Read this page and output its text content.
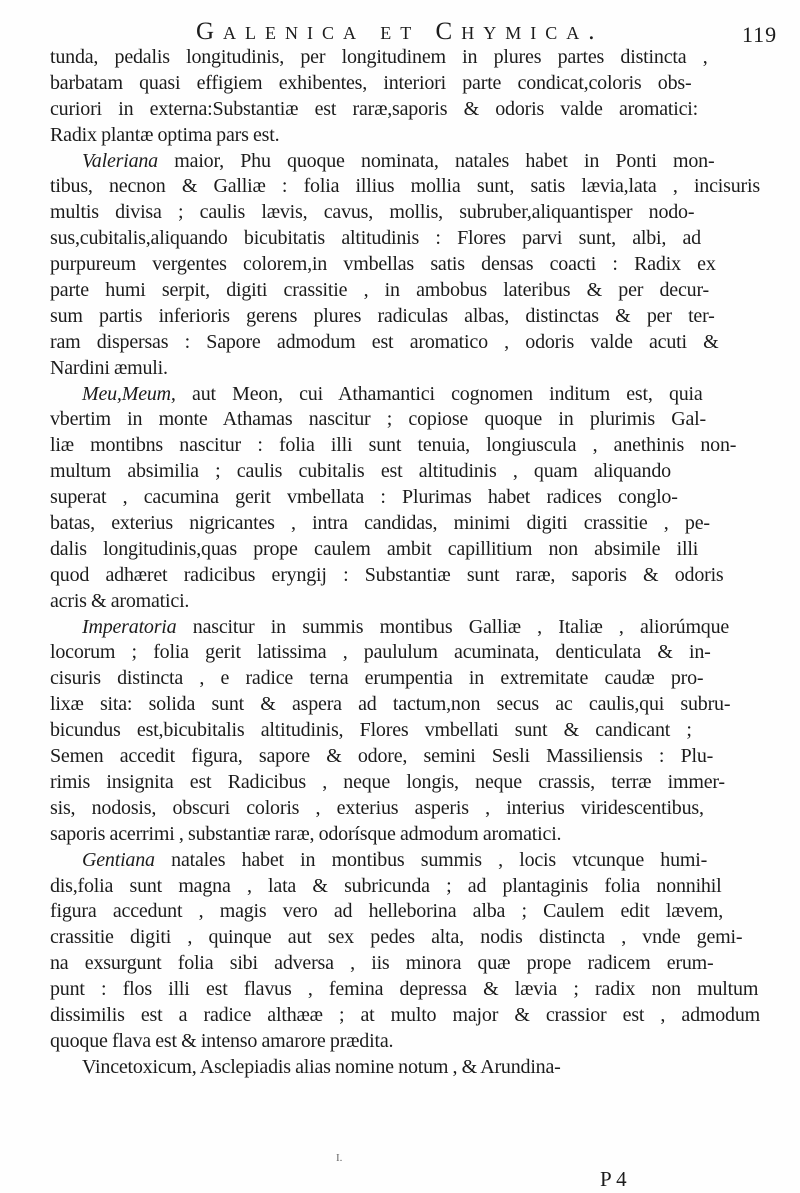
Galenica et Chymica.	119
tunda, pedalis longitudinis, per longitudinem in plures partes distincta ,
barbatam quasi effigiem exhibentes, interiori parte condicat,coloris obs-
curiori in externa:Substantiæ est raræ,saporis & odoris valde aromatici:
Radix plantæ optima pars est.
Valeriana maior, Phu quoque nominata, natales habet in Ponti mon-
tibus, necnon & Galliæ : folia illius mollia sunt, satis lævia,lata , incisuris
multis divisa ; caulis lævis, cavus, mollis, subruber,aliquantisper nodo-
sus,cubitalis,aliquando bicubitatis altitudinis : Flores parvi sunt, albi, ad
purpureum vergentes colorem,in vmbellas satis densas coacti : Radix ex
parte humi serpit, digiti crassitie , in ambobus lateribus & per decur-
sum partis inferioris gerens plures radiculas albas, distinctas & per ter-
ram dispersas : Sapore admodum est aromatico , odoris valde acuti &
Nardini æmuli.
Meu,Meum, aut Meon, cui Athamantici cognomen inditum est, quia
vbertim in monte Athamas nascitur ; copiose quoque in plurimis Gal-
liæ montibns nascitur : folia illi sunt tenuia, longiuscula , anethinis non-
multum absimilia ; caulis cubitalis est altitudinis , quam aliquando
superat , cacumina gerit vmbellata : Plurimas habet radices conglo-
batas, exterius nigricantes , intra candidas, minimi digiti crassitie , pe-
dalis longitudinis,quas prope caulem ambit capillitium non absimile illi
quod adhæret radicibus eryngij : Substantiæ sunt raræ, saporis & odoris
acris & aromatici.
Imperatoria nascitur in summis montibus Galliæ , Italiæ , aliorúmque
locorum ; folia gerit latissima , paululum acuminata, denticulata & in-
cisuris distincta , e radice terna erumpentia in extremitate caudæ pro-
lixæ sita: solida sunt & aspera ad tactum,non secus ac caulis,qui subru-
bicundus est,bicubitalis altitudinis, Flores vmbellati sunt & candicant ;
Semen accedit figura, sapore & odore, semini Sesli Massiliensis : Plu-
rimis insignita est Radicibus , neque longis, neque crassis, terræ immer-
sis, nodosis, obscuri coloris , exterius asperis , interius viridescentibus,
saporis acerrimi , substantiæ raræ, odorísque admodum aromatici.
Gentiana natales habet in montibus summis , locis vtcunque humi-
dis,folia sunt magna , lata & subricunda ; ad plantaginis folia nonnihil
figura accedunt , magis vero ad helleborina alba ; Caulem edit lævem,
crassitie digiti , quinque aut sex pedes alta, nodis distincta , vnde gemi-
na exsurgunt folia sibi adversa , iis minora quæ prope radicem erum-
punt : flos illi est flavus , femina depressa & lævia ; radix non multum
dissimilis est a radice althææ ; at multo major & crassior est , admodum
quoque flava est & intenso amarore prædita.
Vincetoxicum, Asclepiadis alias nomine notum , & Arundina-
I.
P 4
